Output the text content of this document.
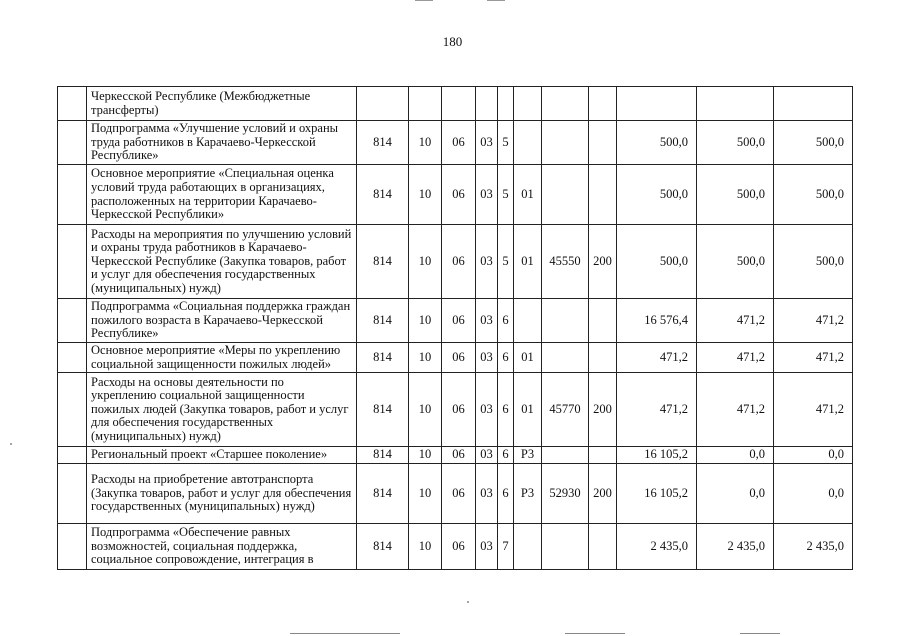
180
	Черкесской Республике (Межбюджетные трансферты)											
	Подпрограмма «Улучшение условий и охраны труда работников в Карачаево-Черкесской Республике»	814	10	06	03	5				500,0	500,0	500,0
	Основное мероприятие «Специальная оценка условий труда работающих в организациях, расположенных на территории Карачаево-Черкесской Республики»	814	10	06	03	5	01			500,0	500,0	500,0
	Расходы на мероприятия по улучшению условий и охраны труда работников в Карачаево-Черкесской Республике (Закупка товаров, работ и услуг для обеспечения государственных (муниципальных) нужд)	814	10	06	03	5	01	45550	200	500,0	500,0	500,0
	Подпрограмма «Социальная поддержка граждан пожилого возраста в Карачаево-Черкесской Республике»	814	10	06	03	6				16 576,4	471,2	471,2
	Основное мероприятие «Меры по укреплению социальной защищенности пожилых людей»	814	10	06	03	6	01			471,2	471,2	471,2
	Расходы на основы деятельности по укреплению социальной защищенности пожилых людей (Закупка товаров, работ и услуг для обеспечения государственных (муниципальных) нужд)	814	10	06	03	6	01	45770	200	471,2	471,2	471,2
	Региональный проект «Старшее поколение»	814	10	06	03	6	P3			16 105,2	0,0	0,0
	Расходы на приобретение автотранспорта (Закупка товаров, работ и услуг для обеспечения государственных (муниципальных) нужд)	814	10	06	03	6	P3	52930	200	16 105,2	0,0	0,0
	Подпрограмма «Обеспечение равных возможностей, социальная поддержка, социальное сопровождение, интеграция в	814	10	06	03	7				2 435,0	2 435,0	2 435,0
